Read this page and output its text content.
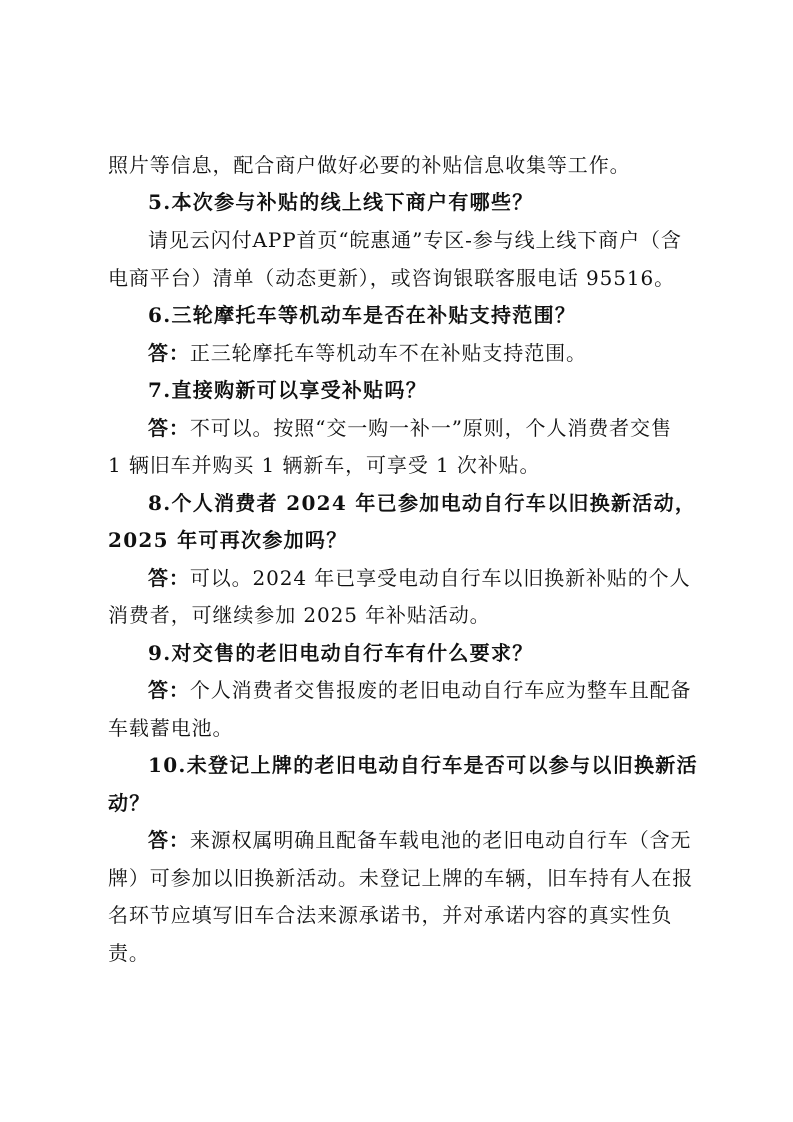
照片等信息，配合商户做好必要的补贴信息收集等工作。
5.本次参与补贴的线上线下商户有哪些？
请见云闪付APP首页“皖惠通”专区-参与线上线下商户（含
电商平台）清单（动态更新），或咨询银联客服电话 95516。
6.三轮摩托车等机动车是否在补贴支持范围？
答：正三轮摩托车等机动车不在补贴支持范围。
7.直接购新可以享受补贴吗？
答：不可以。按照“交一购一补一”原则，个人消费者交售
1 辆旧车并购买 1 辆新车，可享受 1 次补贴。
8.个人消费者 2024 年已参加电动自行车以旧换新活动，
2025 年可再次参加吗？
答：可以。2024 年已享受电动自行车以旧换新补贴的个人
消费者，可继续参加 2025 年补贴活动。
9.对交售的老旧电动自行车有什么要求？
答：个人消费者交售报废的老旧电动自行车应为整车且配备
车载蓄电池。
10.未登记上牌的老旧电动自行车是否可以参与以旧换新活
动？
答：来源权属明确且配备车载电池的老旧电动自行车（含无
牌）可参加以旧换新活动。未登记上牌的车辆，旧车持有人在报
名环节应填写旧车合法来源承诺书，并对承诺内容的真实性负
责。
